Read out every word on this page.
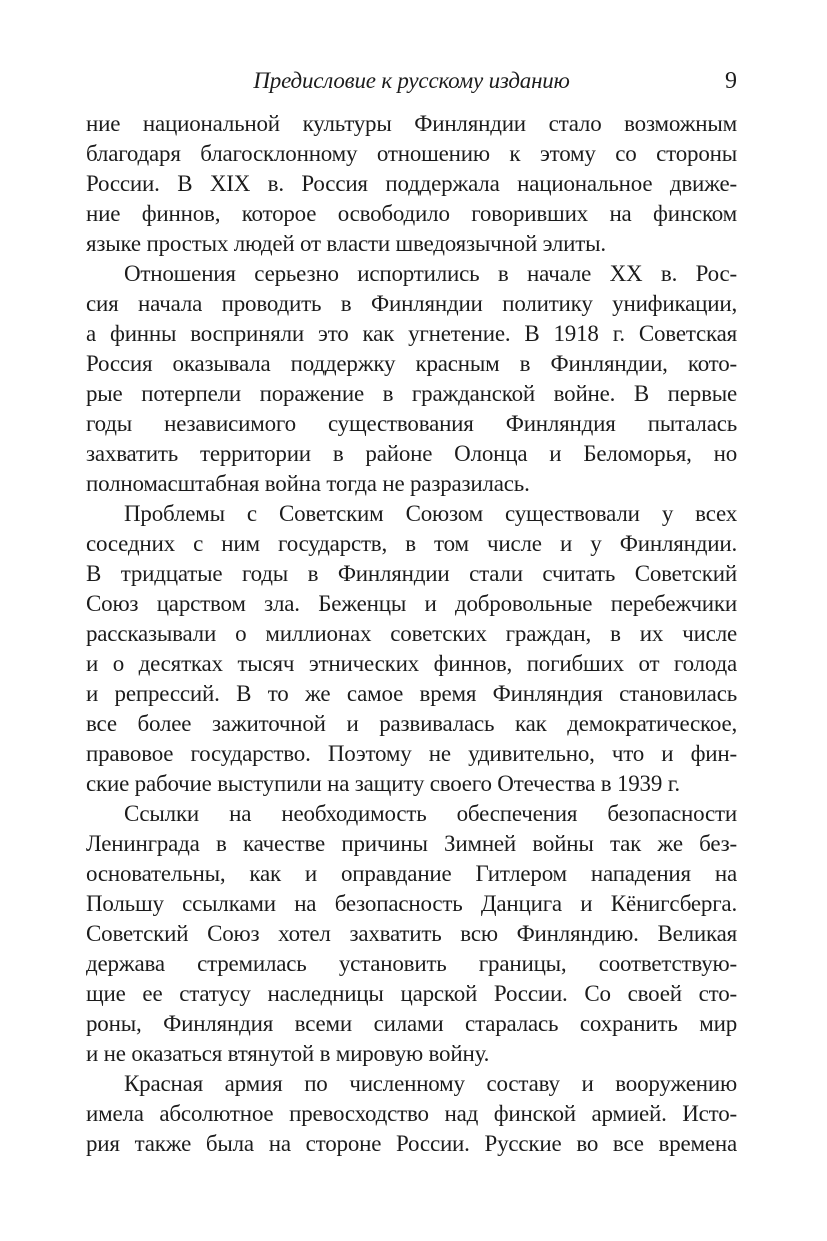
Предисловие к русскому изданию	9
ние национальной культуры Финляндии стало возможным
благодаря благосклонному отношению к этому со стороны
России. В XIX в. Россия поддержала национальное движе-
ние финнов, которое освободило говоривших на финском
языке простых людей от власти шведоязычной элиты.
Отношения серьезно испортились в начале XX в. Рос-
сия начала проводить в Финляндии политику унификации,
а финны восприняли это как угнетение. В 1918 г. Советская
Россия оказывала поддержку красным в Финляндии, кото-
рые потерпели поражение в гражданской войне. В первые
годы независимого существования Финляндия пыталась
захватить территории в районе Олонца и Беломорья, но
полномасштабная война тогда не разразилась.
Проблемы с Советским Союзом существовали у всех
соседних с ним государств, в том числе и у Финляндии.
В тридцатые годы в Финляндии стали считать Советский
Союз царством зла. Беженцы и добровольные перебежчики
рассказывали о миллионах советских граждан, в их числе
и о десятках тысяч этнических финнов, погибших от голода
и репрессий. В то же самое время Финляндия становилась
все более зажиточной и развивалась как демократическое,
правовое государство. Поэтому не удивительно, что и фин-
ские рабочие выступили на защиту своего Отечества в 1939 г.
Ссылки на необходимость обеспечения безопасности
Ленинграда в качестве причины Зимней войны так же без-
основательны, как и оправдание Гитлером нападения на
Польшу ссылками на безопасность Данцига и Кёнигсберга.
Советский Союз хотел захватить всю Финляндию. Великая
держава стремилась установить границы, соответствую-
щие ее статусу наследницы царской России. Со своей сто-
роны, Финляндия всеми силами старалась сохранить мир
и не оказаться втянутой в мировую войну.
Красная армия по численному составу и вооружению
имела абсолютное превосходство над финской армией. Исто-
рия также была на стороне России. Русские во все времена
